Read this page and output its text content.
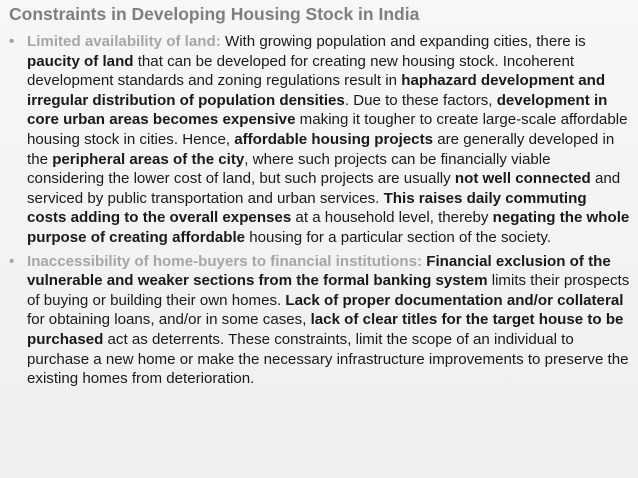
Constraints in Developing Housing Stock in India
• Limited availability of land: With growing population and expanding cities, there is paucity of land that can be developed for creating new housing stock. Incoherent development standards and zoning regulations result in haphazard development and irregular distribution of population densities. Due to these factors, development in core urban areas becomes expensive making it tougher to create large-scale affordable housing stock in cities. Hence, affordable housing projects are generally developed in the peripheral areas of the city, where such projects can be financially viable considering the lower cost of land, but such projects are usually not well connected and serviced by public transportation and urban services. This raises daily commuting costs adding to the overall expenses at a household level, thereby negating the whole purpose of creating affordable housing for a particular section of the society.
• Inaccessibility of home-buyers to financial institutions: Financial exclusion of the vulnerable and weaker sections from the formal banking system limits their prospects of buying or building their own homes. Lack of proper documentation and/or collateral for obtaining loans, and/or in some cases, lack of clear titles for the target house to be purchased act as deterrents. These constraints, limit the scope of an individual to purchase a new home or make the necessary infrastructure improvements to preserve the existing homes from deterioration.
